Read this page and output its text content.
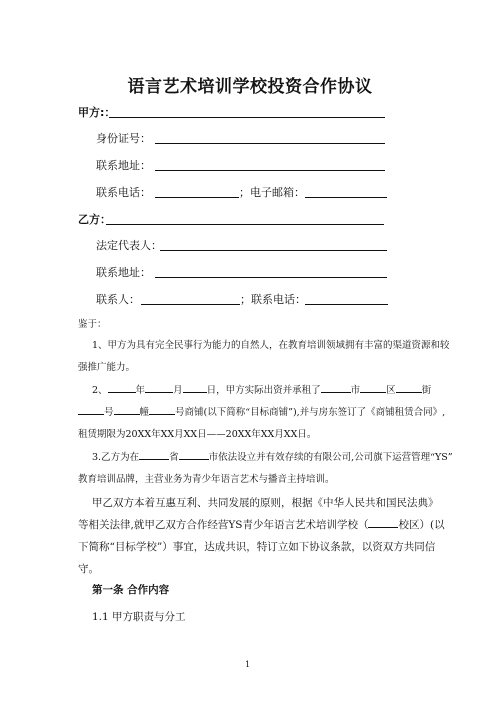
语言艺术培训学校投资合作协议
甲方:：
身份证号：
联系地址：
联系电话：	；电子邮箱：
乙方：
法定代表人：
联系地址：
联系人：	；联系电话：
鉴于：
1、甲方为具有完全民事行为能力的自然人，在教育培训领域拥有丰富的渠道资源和较
强推广能力。
2、	年	月	日，甲方实际出资并承租了	市	区	街
号	幢	号商铺(以下简称“目标商铺”),并与房东签订了《商铺租赁合同》,
租赁期限为20XX年XX月XX日——20XX年XX月XX日。
3.乙方为在	省	市依法设立并有效存续的有限公司,公司旗下运营管理“YS”
教育培训品牌，主营业务为青少年语言艺术与播音主持培训。
甲乙双方本着互惠互利、共同发展的原则，根据《中华人民共和国民法典》
等相关法律,就甲乙双方合作经营YS青少年语言艺术培训学校（	校区）(以
下简称“目标学校”）事宜，达成共识，特订立如下协议条款，以资双方共同信
守。
第一条 合作内容
1.1 甲方职责与分工
1
